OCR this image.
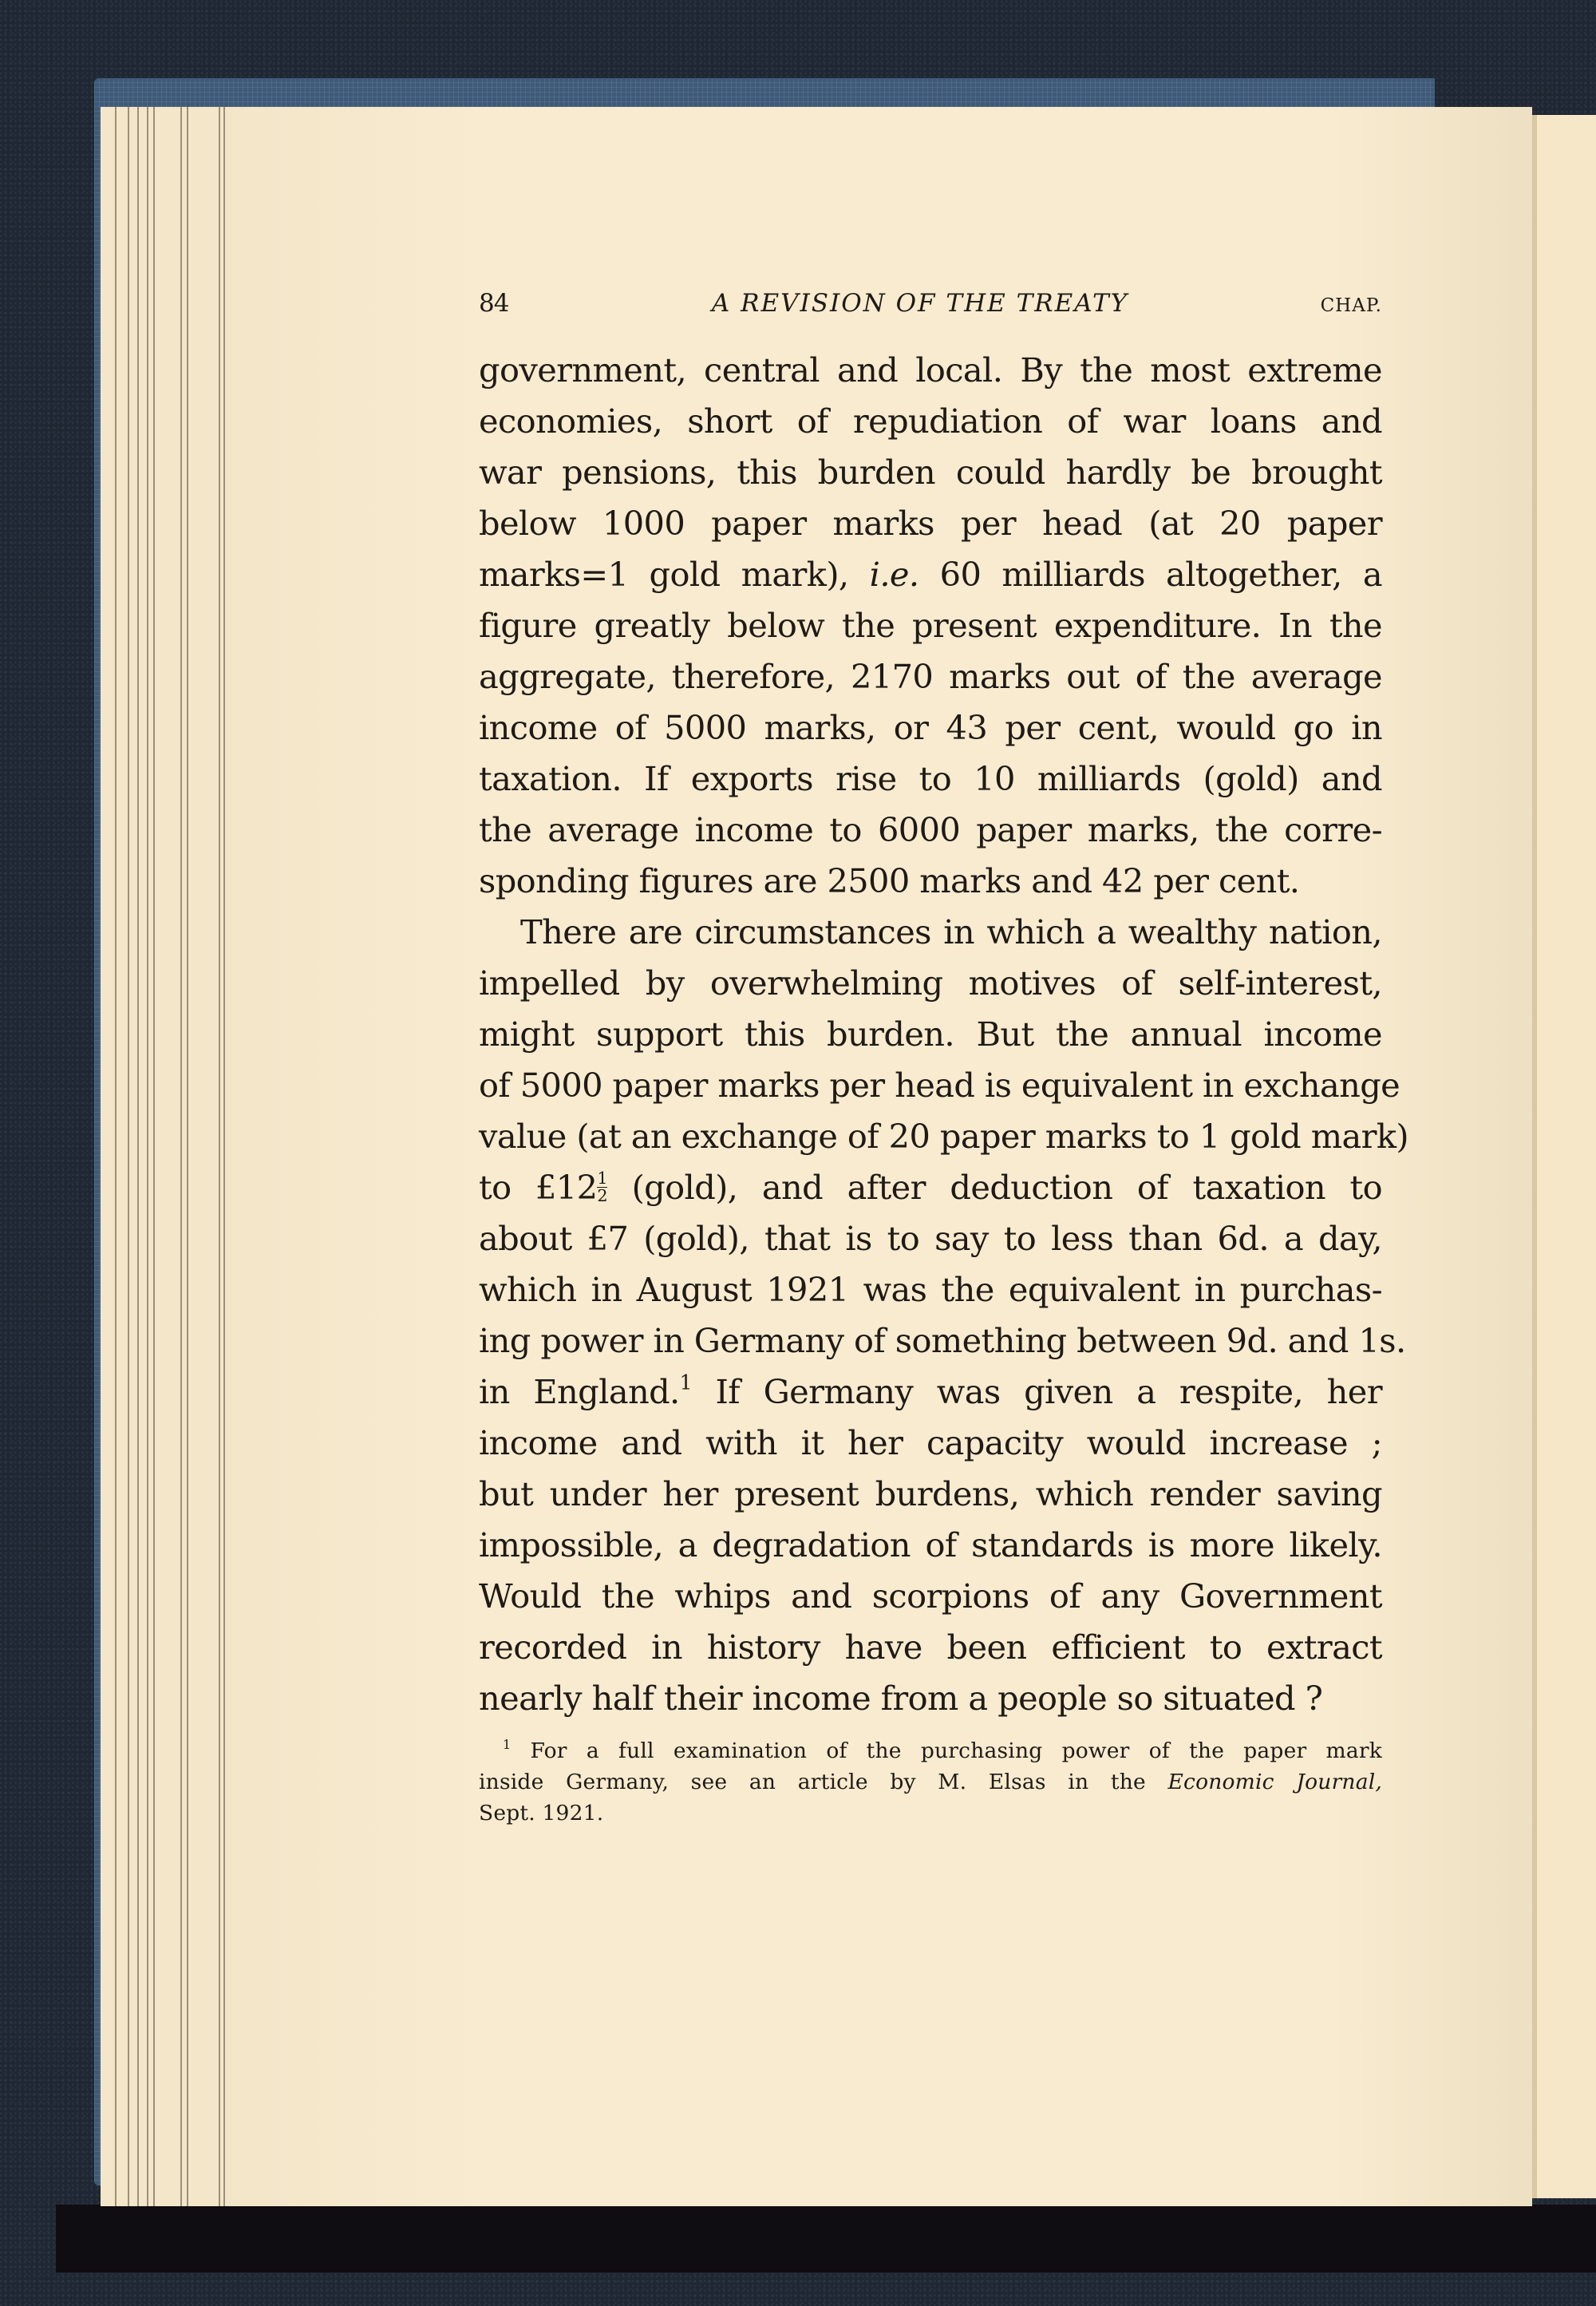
84	A REVISION OF THE TREATY	CHAP.

government, central and local. By the most extreme
economies, short of repudiation of war loans and
war pensions, this burden could hardly be brought
below 1000 paper marks per head (at 20 paper
marks=1 gold mark), i.e. 60 milliards altogether, a
figure greatly below the present expenditure. In the
aggregate, therefore, 2170 marks out of the average
income of 5000 marks, or 43 per cent, would go in
taxation. If exports rise to 10 milliards (gold) and
the average income to 6000 paper marks, the corre-
sponding figures are 2500 marks and 42 per cent.

There are circumstances in which a wealthy nation,
impelled by overwhelming motives of self-interest,
might support this burden. But the annual income
of 5000 paper marks per head is equivalent in exchange
value (at an exchange of 20 paper marks to 1 gold mark)
to £12 $\frac{1}{2}$ (gold), and after deduction of taxation to
about £7 (gold), that is to say to less than 6d. a day,
which in August 1921 was the equivalent in purchas-
ing power in Germany of something between 9d. and 1s.
in England.$^1$ If Germany was given a respite, her
income and with it her capacity would increase ;
but under her present burdens, which render saving
impossible, a degradation of standards is more likely.
Would the whips and scorpions of any Government
recorded in history have been efficient to extract
nearly half their income from a people so situated ?

$^1$ For a full examination of the purchasing power of the paper mark
inside Germany, see an article by M. Elsas in the Economic Journal,
Sept. 1921.
